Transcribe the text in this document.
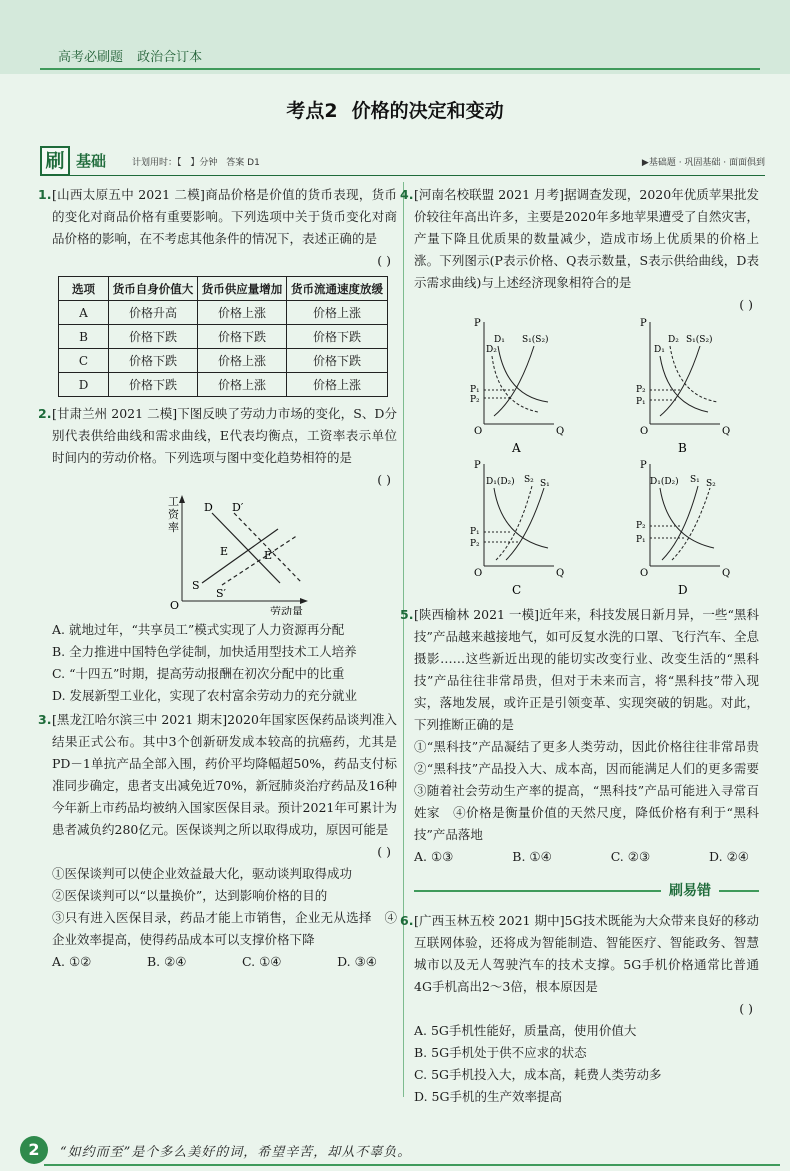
高考必刷题 政治合订本
考点2 价格的决定和变动
刷 基础	计划用时：【 】分钟 答案 D1	▶基础题 · 巩固基础 · 面面俱到
1. [山西太原五中 2021 二模]商品价格是价值的货币表现，货币的变化对商品价格有重要影响。下列选项中关于货币变化对商品价格的影响，在不考虑其他条件的情况下，表述正确的是
( )
选项	货币自身价值大	货币供应量增加	货币流通速度放缓
A	价格升高	价格上涨	价格上涨
B	价格下跌	价格下跌	价格下跌
C	价格下跌	价格上涨	价格下跌
D	价格下跌	价格上涨	价格上涨
2. [甘肃兰州 2021 二模]下图反映了劳动力市场的变化，S、D分别代表供给曲线和需求曲线，E代表均衡点，工资率表示单位时间内的劳动价格。下列选项与图中变化趋势相符的是
( )
工
资
率
劳动量
O
D D′
S
S′
E	E′
A. 就地过年，“共享员工”模式实现了人力资源再分配
B. 全力推进中国特色学徒制，加快适用型技术工人培养
C. “十四五”时期，提高劳动报酬在初次分配中的比重
D. 发展新型工业化，实现了农村富余劳动力的充分就业
3. [黑龙江哈尔滨三中 2021 期末]2020年国家医保药品谈判准入结果正式公布。其中3个创新研发成本较高的抗癌药，尤其是PD－1单抗产品全部入围，药价平均降幅超50%，药品支付标准同步确定，患者支出减免近70%，新冠肺炎治疗药品及16种今年新上市药品均被纳入国家医保目录。预计2021年可累计为患者减负约280亿元。医保谈判之所以取得成功，原因可能是
( )
①医保谈判可以使企业效益最大化，驱动谈判取得成功
②医保谈判可以“以量换价”，达到影响价格的目的
③只有进入医保目录，药品才能上市销售，企业无从选择　④企业效率提高，使得药品成本可以支撑价格下降
A. ①②	B. ②④	C. ①④	D. ③④
4. [河南名校联盟 2021 月考]据调查发现，2020年优质苹果批发价较往年高出许多，主要是2020年多地苹果遭受了自然灾害，产量下降且优质果的数量减少，造成市场上优质果的价格上涨。下列图示(P表示价格、Q表示数量，S表示供给曲线，D表示需求曲线)与上述经济现象相符合的是
( )
P
Q
O
D₁
D₂
S₁(S₂)
P₁
P₂
A
P
Q
O
D₁
D₂ S₁(S₂)
P₂
P₁
B
P
Q
O
D₁(D₂) S₂ S₁
P₁
P₂
C
P
Q
O
D₁(D₂) S₁ S₂
P₂
P₁
D
5. [陕西榆林 2021 一模]近年来，科技发展日新月异，一些“黑科技”产品越来越接地气，如可反复水洗的口罩、飞行汽车、全息摄影……这些新近出现的能切实改变行业、改变生活的“黑科技”产品往往非常昂贵，但对于未来而言，将“黑科技”带入现实，落地发展，或许正是引领变革、实现突破的钥匙。对此，下列推断正确的是
①“黑科技”产品凝结了更多人类劳动，因此价格往往非常昂贵　②“黑科技”产品投入大、成本高，因而能满足人们的更多需要　③随着社会劳动生产率的提高，“黑科技”产品可能进入寻常百姓家　④价格是衡量价值的天然尺度，降低价格有利于“黑科技”产品落地
A. ①③	B. ①④	C. ②③	D. ②④
刷易错
6. [广西玉林五校 2021 期中]5G技术既能为大众带来良好的移动互联网体验，还将成为智能制造、智能医疗、智能政务、智慧城市以及无人驾驶汽车的技术支撑。5G手机价格通常比普通4G手机高出2～3倍，根本原因是
( )
A. 5G手机性能好，质量高，使用价值大
B. 5G手机处于供不应求的状态
C. 5G手机投入大，成本高，耗费人类劳动多
D. 5G手机的生产效率提高
2	“如约而至”是个多么美好的词，希望辛苦，却从不辜负。
